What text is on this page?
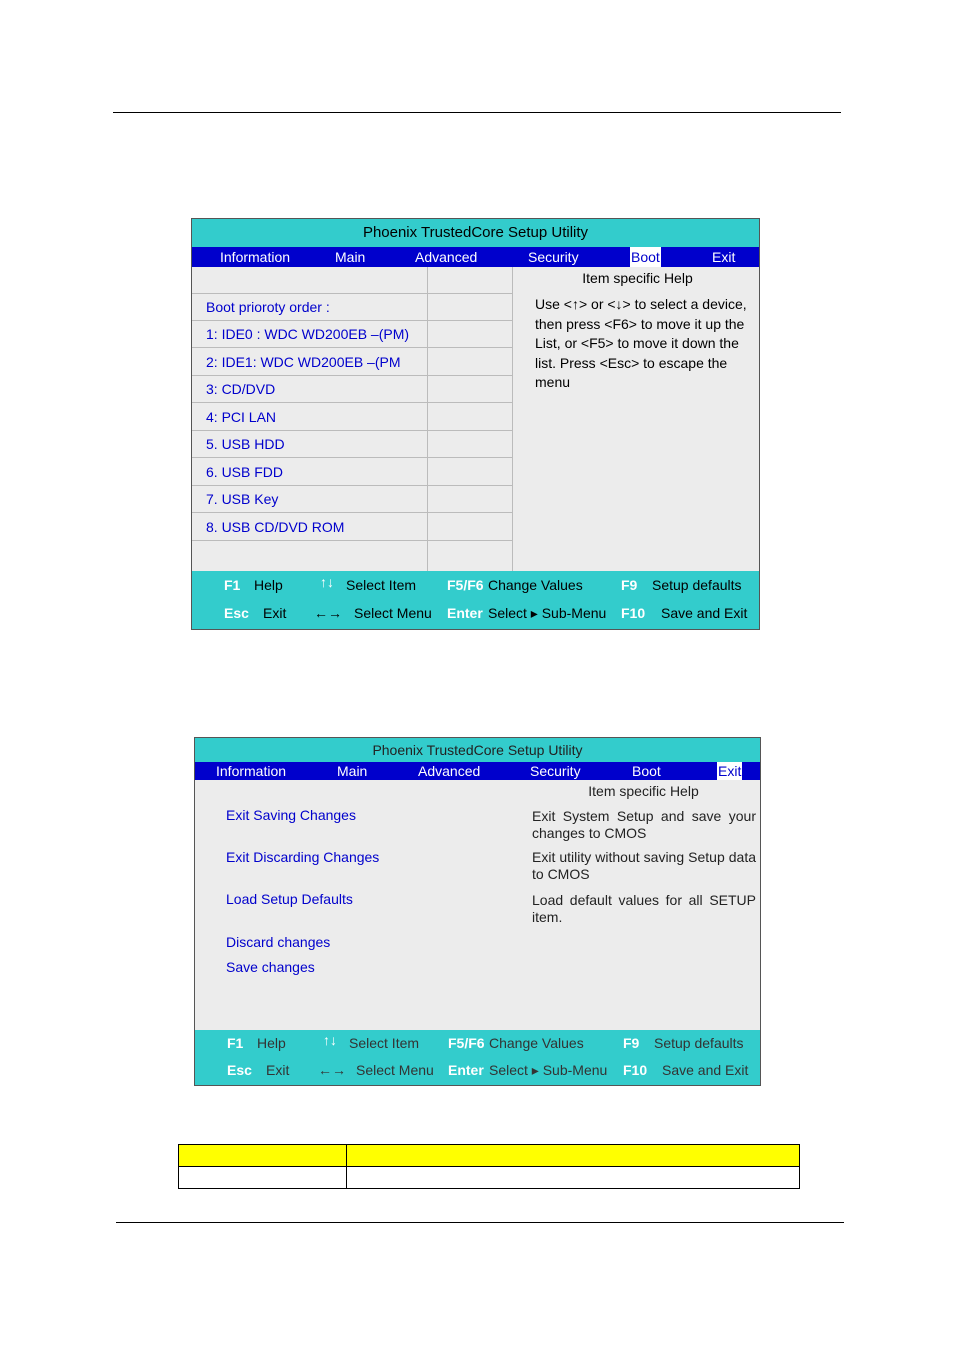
Phoenix TrustedCore Setup Utility
Information	Main	Advanced	Security	Boot	Exit
Boot prioroty order :
1: IDE0 : WDC WD200EB –(PM)
2: IDE1: WDC WD200EB –(PM
3: CD/DVD
4: PCI LAN
5. USB HDD
6. USB FDD
7. USB Key
8. USB CD/DVD ROM
Item specific Help
Use <↑> or <↓> to select a device, then press <F6> to move it up the List, or <F5> to move it down the list. Press <Esc> to escape the menu
F1 Help	↑↓ Select Item F5/F6 Change Values	F9 Setup defaults
Esc Exit ←→ Select Menu Enter Select ▸ Sub-Menu F10 Save and Exit
Phoenix TrustedCore Setup Utility
Information	Main	Advanced	Security	Boot	Exit
Item specific Help
Exit Saving Changes	Exit System Setup and save your changes to CMOS
Exit Discarding Changes	Exit utility without saving Setup data to CMOS
Load Setup Defaults	Load default values for all SETUP item.
Discard changes
Save changes
F1 Help	↑↓ Select Item F5/F6 Change Values	F9 Setup defaults
Esc Exit ←→ Select Menu Enter Select ▸ Sub-Menu F10 Save and Exit
